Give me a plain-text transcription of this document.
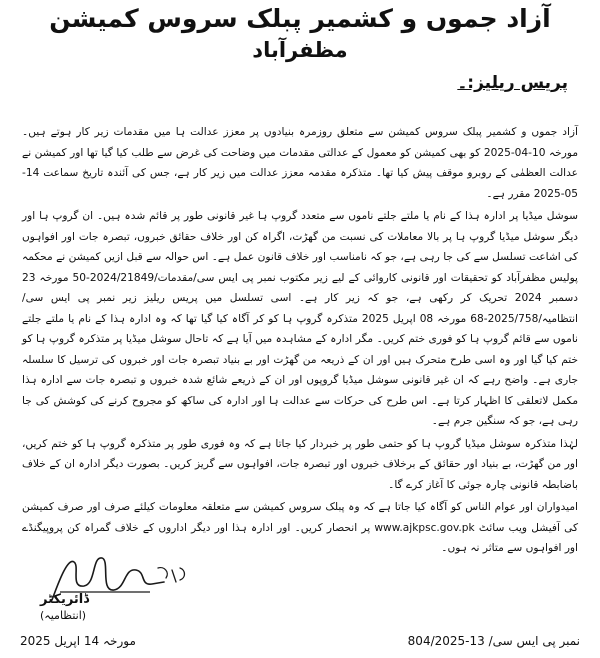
آزاد جموں و کشمیر پبلک سروس کمیشن
مظفرآباد
پریس ریلیز:۔

آزاد جموں و کشمیر پبلک سروس کمیشن سے متعلق روزمرہ بنیادوں پر معزز عدالت ہا میں مقدمات زیر کار ہوتے ہیں۔ مورخہ 10-04-2025 کو بھی کمیشن کو معمول کے عدالتی مقدمات میں وضاحت کی غرض سے طلب کیا گیا تھا اور کمیشن نے عدالت العظمٰی کے روبرو موقف پیش کیا تھا۔ متذکرہ مقدمہ معزز عدالت میں زیر کار ہے، جس کی آئندہ تاریخ سماعت 14-05-2025 مقرر ہے۔

سوشل میڈیا پر ادارہ ہذا کے نام یا ملتے جلتے ناموں سے متعدد گروپ ہا غیر قانونی طور پر قائم شدہ ہیں۔ ان گروپ ہا اور دیگر سوشل میڈیا گروپ ہا پر بالا معاملات کی نسبت من گھڑت، اگراہ کن اور خلاف حقائق خبروں، تبصرہ جات اور افواہوں کی اشاعت تسلسل سے کی جا رہی ہے، جو کہ نامناسب اور خلاف قانون عمل ہے۔ اس حوالہ سے قبل ازیں کمیشن نے محکمہ پولیس مظفرآباد کو تحقیقات اور قانونی کاروائی کے لیے زیر مکتوب نمبر پی ایس سی/مقدمات/2024/21849-50 مورخہ 23 دسمبر 2024 تحریک کر رکھی ہے، جو کہ زیر کار ہے۔ اسی تسلسل میں پریس ریلیز زیر نمبر پی ایس سی/انتظامیہ/2025/758-68 مورخہ 08 اپریل 2025 متذکرہ گروپ ہا کو کر آگاہ کیا گیا تھا کہ وہ ادارہ ہذا کے نام یا ملتے جلتے ناموں سے قائم گروپ ہا کو فوری ختم کریں۔ مگر ادارہ کے مشاہدہ میں آیا ہے کہ تاحال سوشل میڈیا پر متذکرہ گروپ ہا کو ختم کیا گیا اور وہ اسی طرح متحرک ہیں اور ان کے ذریعہ من گھڑت اور بے بنیاد تبصرہ جات اور خبروں کی ترسیل کا سلسلہ جاری ہے۔ واضح رہے کہ ان غیر قانونی سوشل میڈیا گروپوں اور ان کے ذریعے شائع شدہ خبروں و تبصرہ جات سے ادارہ ہذا مکمل لاتعلقی کا اظہار کرتا ہے۔ اس طرح کی حرکات سے عدالت ہا اور ادارہ کی ساکھ کو مجروح کرنے کی کوشش کی جا رہی ہے، جو کہ سنگین جرم ہے۔

لہٰذا متذکرہ سوشل میڈیا گروپ ہا کو حتمی طور پر خبردار کیا جاتا ہے کہ وہ فوری طور پر متذکرہ گروپ ہا کو ختم کریں، اور من گھڑت، بے بنیاد اور حقائق کے برخلاف خبروں اور تبصرہ جات، افواہوں سے گریز کریں۔ بصورت دیگر ادارہ ان کے خلاف باضابطہ قانونی چارہ جوئی کا آغاز کرے گا۔

امیدواران اور عوام الناس کو آگاہ کیا جاتا ہے کہ وہ پبلک سروس کمیشن سے متعلقہ معلومات کیلئے صرف اور صرف کمیشن کی آفیشل ویب سائٹ www.ajkpsc.gov.pk پر انحصار کریں۔ اور ادارہ ہذا اور دیگر اداروں کے خلاف گمراہ کن پروپیگنڈے اور افواہوں سے متاثر نہ ہوں۔

ڈائریکٹر
(انتظامیہ)
مورخہ 14 اپریل 2025	نمبر پی ایس سی/ 13-804/2025
